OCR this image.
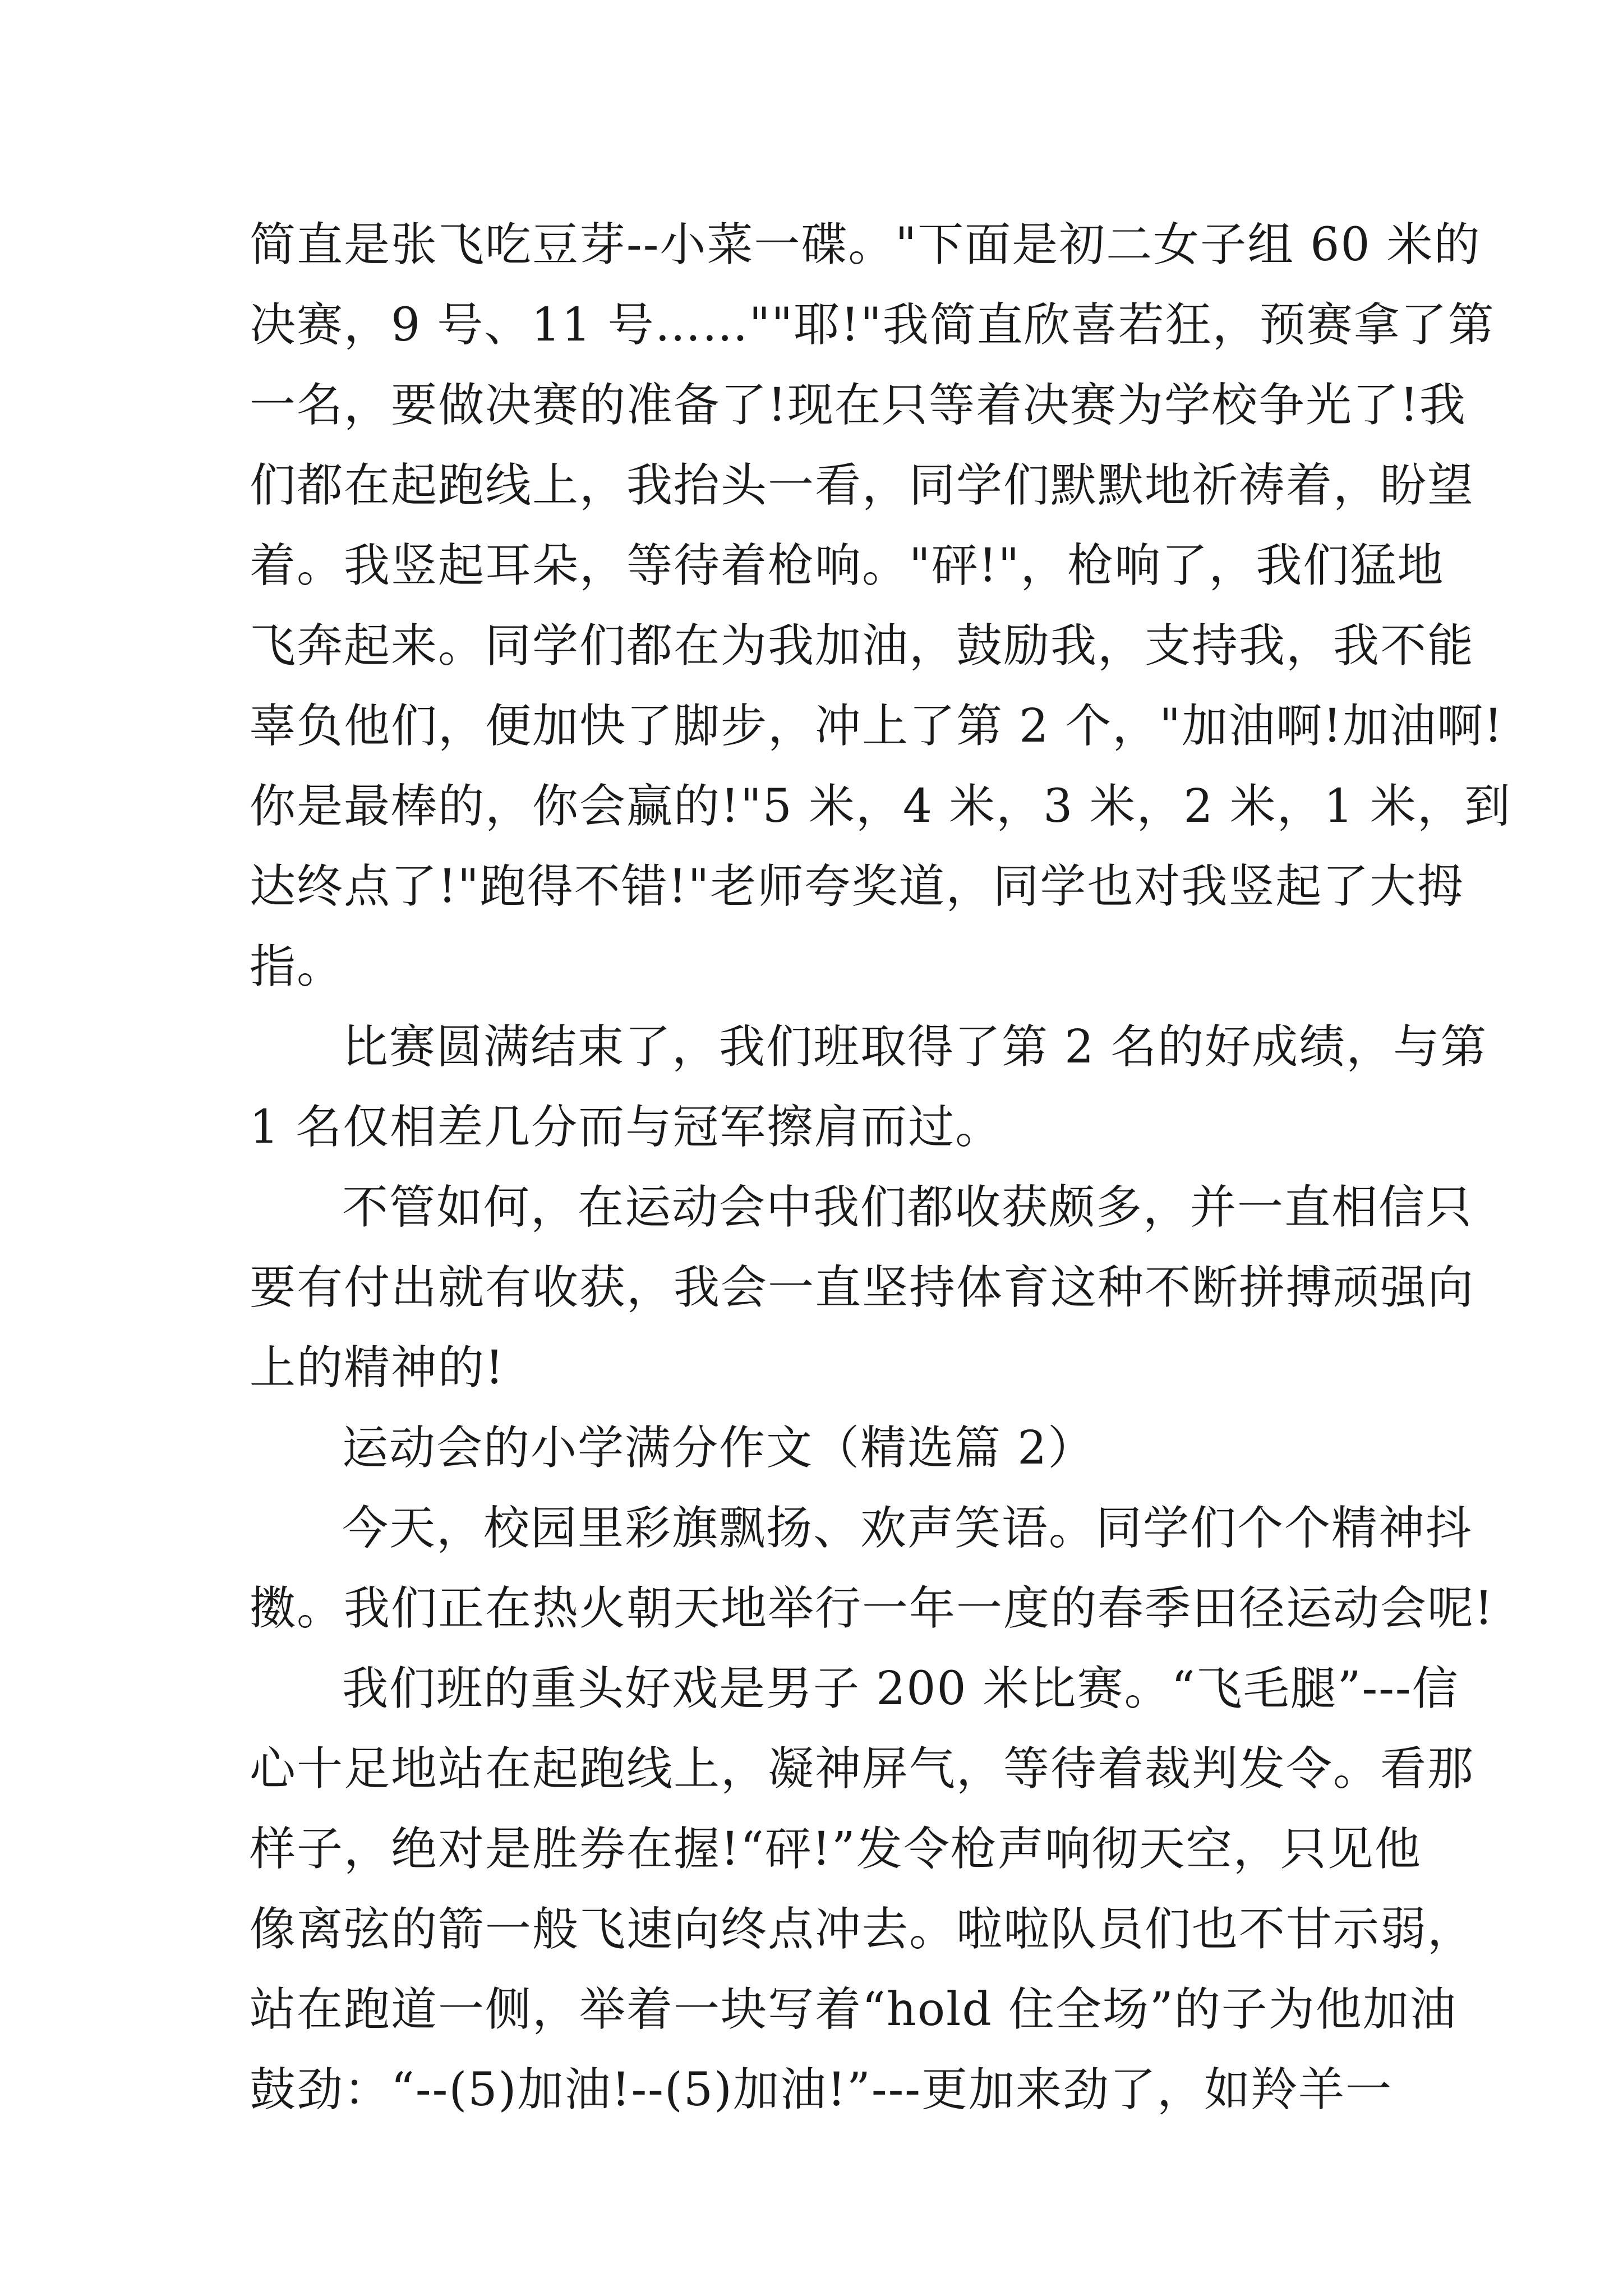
简直是张飞吃豆芽--小菜一碟。"下面是初二女子组 60 米的
决赛，9 号、11 号……""耶!"我简直欣喜若狂，预赛拿了第
一名，要做决赛的准备了!现在只等着决赛为学校争光了!我
们都在起跑线上，我抬头一看，同学们默默地祈祷着，盼望
着。我竖起耳朵，等待着枪响。"砰!"，枪响了，我们猛地
飞奔起来。同学们都在为我加油，鼓励我，支持我，我不能
辜负他们，便加快了脚步，冲上了第 2 个，"加油啊!加油啊!
你是最棒的，你会赢的!"5 米，4 米，3 米，2 米，1 米，到
达终点了!"跑得不错!"老师夸奖道，同学也对我竖起了大拇
指。
比赛圆满结束了，我们班取得了第 2 名的好成绩，与第
1 名仅相差几分而与冠军擦肩而过。
不管如何，在运动会中我们都收获颇多，并一直相信只
要有付出就有收获，我会一直坚持体育这种不断拼搏顽强向
上的精神的!
运动会的小学满分作文（精选篇 2）
今天，校园里彩旗飘扬、欢声笑语。同学们个个精神抖
擞。我们正在热火朝天地举行一年一度的春季田径运动会呢!
我们班的重头好戏是男子 200 米比赛。“飞毛腿”---信
心十足地站在起跑线上，凝神屏气，等待着裁判发令。看那
样子，绝对是胜券在握!“砰!”发令枪声响彻天空，只见他
像离弦的箭一般飞速向终点冲去。啦啦队员们也不甘示弱，
站在跑道一侧，举着一块写着“hold 住全场”的子为他加油
鼓劲：“--(5)加油!--(5)加油!”---更加来劲了，如羚羊一
